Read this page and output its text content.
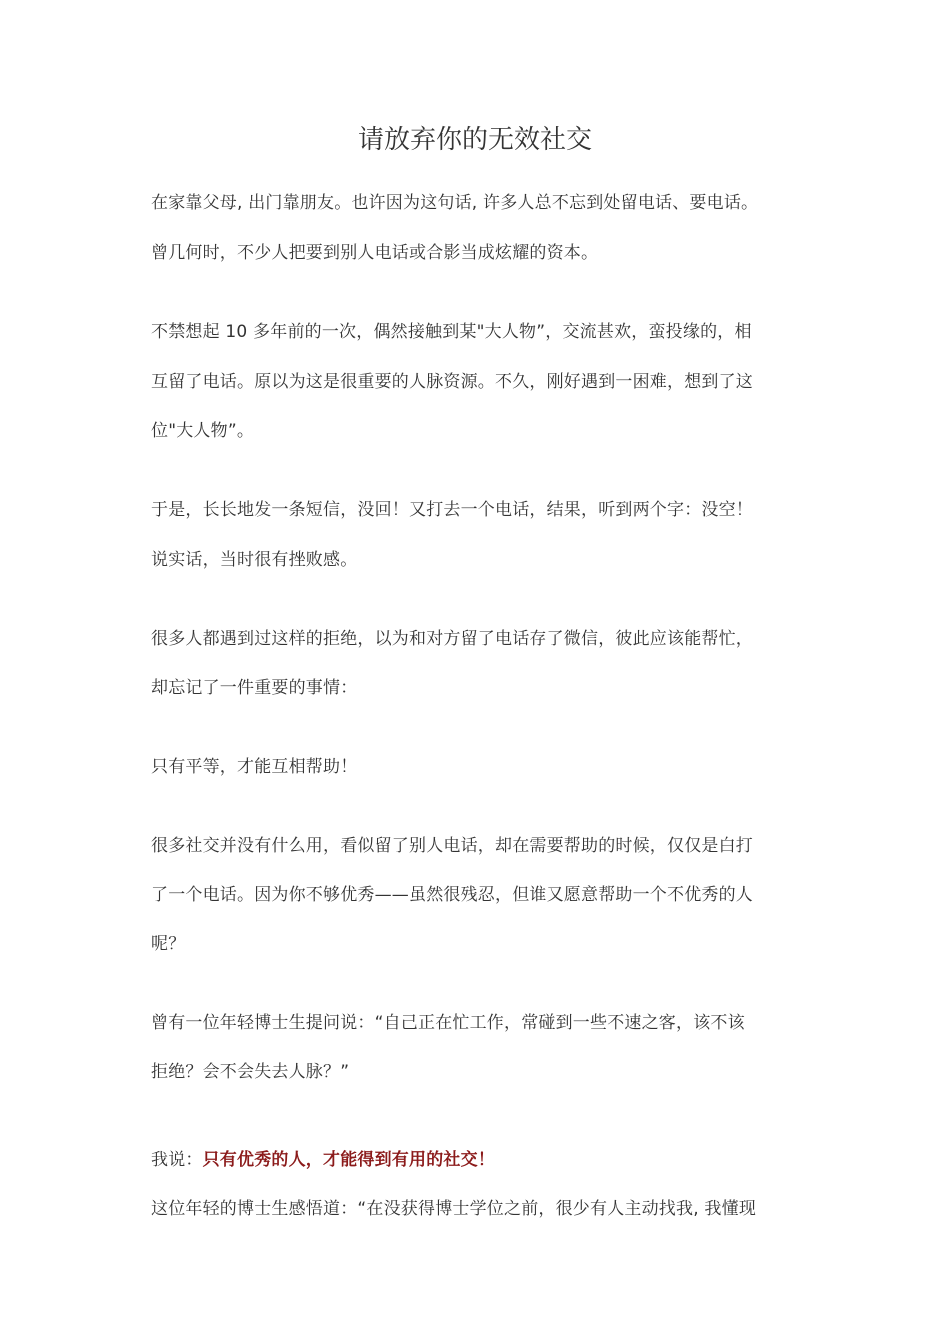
请放弃你的无效社交
在家靠父母, 出门靠朋友。也许因为这句话, 许多人总不忘到处留电话、要电话。
曾几何时，不少人把要到别人电话或合影当成炫耀的资本。
不禁想起 10 多年前的一次，偶然接触到某"大人物”，交流甚欢，蛮投缘的，相
互留了电话。原以为这是很重要的人脉资源。不久，刚好遇到一困难，想到了这
位"大人物”。
于是，长长地发一条短信，没回！又打去一个电话，结果，听到两个字：没空！
说实话，当时很有挫败感。
很多人都遇到过这样的拒绝，以为和对方留了电话存了微信，彼此应该能帮忙，
却忘记了一件重要的事情：
只有平等，才能互相帮助！
很多社交并没有什么用，看似留了别人电话，却在需要帮助的时候，仅仅是白打
了一个电话。因为你不够优秀——虽然很残忍，但谁又愿意帮助一个不优秀的人
呢？
曾有一位年轻博士生提问说：“自己正在忙工作，常碰到一些不速之客，该不该
拒绝？会不会失去人脉？”
我说：只有优秀的人，才能得到有用的社交！
这位年轻的博士生感悟道：“在没获得博士学位之前，很少有人主动找我, 我懂现
